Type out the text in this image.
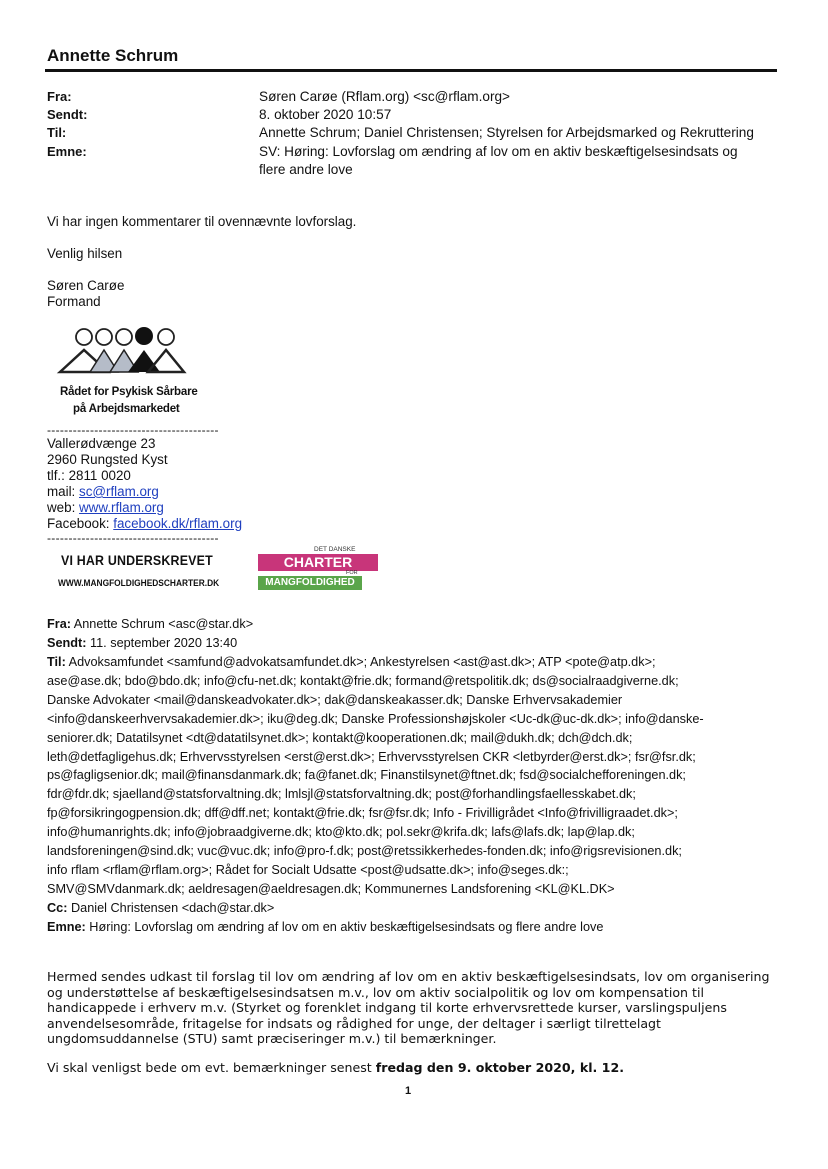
Annette Schrum
Fra:	Søren Carøe (Rflam.org) <sc@rflam.org>
Sendt:	8. oktober 2020 10:57
Til:	Annette Schrum; Daniel Christensen; Styrelsen for Arbejdsmarked og Rekruttering
Emne:	SV: Høring: Lovforslag om ændring af lov om en aktiv beskæftigelsesindsats og flere andre love
Vi har ingen kommentarer til ovennævnte lovforslag.
Venlig hilsen
Søren Carøe
Formand
Rådet for Psykisk Sårbare
på Arbejdsmarkedet
----------------------------------------
Vallerødvænge 23
2960 Rungsted Kyst
tlf.: 2811 0020
mail: sc@rflam.org
web: www.rflam.org
Facebook: facebook.dk/rflam.org
----------------------------------------
VI HAR UNDERSKREVET
WWW.MANGFOLDIGHEDSCHARTER.DK
DET DANSKE
CHARTER
FOR
MANGFOLDIGHED
Fra: Annette Schrum <asc@star.dk>
Sendt: 11. september 2020 13:40
Til: Advoksamfundet <samfund@advokatsamfundet.dk>; Ankestyrelsen <ast@ast.dk>; ATP <pote@atp.dk>;
ase@ase.dk; bdo@bdo.dk; info@cfu-net.dk; kontakt@frie.dk; formand@retspolitik.dk; ds@socialraadgiverne.dk;
Danske Advokater <mail@danskeadvokater.dk>; dak@danskeakasser.dk; Danske Erhvervsakademier
<info@danskeerhvervsakademier.dk>; iku@deg.dk; Danske Professionshøjskoler <Uc-dk@uc-dk.dk>; info@danske-
seniorer.dk; Datatilsynet <dt@datatilsynet.dk>; kontakt@kooperationen.dk; mail@dukh.dk; dch@dch.dk;
leth@detfagligehus.dk; Erhvervsstyrelsen <erst@erst.dk>; Erhvervsstyrelsen CKR <letbyrder@erst.dk>; fsr@fsr.dk;
ps@fagligsenior.dk; mail@finansdanmark.dk; fa@fanet.dk; Finanstilsynet@ftnet.dk; fsd@socialchefforeningen.dk;
fdr@fdr.dk; sjaelland@statsforvaltning.dk; lmlsjl@statsforvaltning.dk; post@forhandlingsfaellesskabet.dk;
fp@forsikringogpension.dk; dff@dff.net; kontakt@frie.dk; fsr@fsr.dk; Info - Frivilligrådet <Info@frivilligraadet.dk>;
info@humanrights.dk; info@jobraadgiverne.dk; kto@kto.dk; pol.sekr@krifa.dk; lafs@lafs.dk; lap@lap.dk;
landsforeningen@sind.dk; vuc@vuc.dk; info@pro-f.dk; post@retssikkerhedes-fonden.dk; info@rigsrevisionen.dk;
info rflam <rflam@rflam.org>; Rådet for Socialt Udsatte <post@udsatte.dk>; info@seges.dk:;
SMV@SMVdanmark.dk; aeldresagen@aeldresagen.dk; Kommunernes Landsforening <KL@KL.DK>
Cc: Daniel Christensen <dach@star.dk>
Emne: Høring: Lovforslag om ændring af lov om en aktiv beskæftigelsesindsats og flere andre love
Hermed sendes udkast til forslag til lov om ændring af lov om en aktiv beskæftigelsesindsats, lov om organisering
og understøttelse af beskæftigelsesindsatsen m.v., lov om aktiv socialpolitik og lov om kompensation til
handicappede i erhverv m.v. (Styrket og forenklet indgang til korte erhvervsrettede kurser, varslingspuljens
anvendelsesområde, fritagelse for indsats og rådighed for unge, der deltager i særligt tilrettelagt
ungdomsuddannelse (STU) samt præciseringer m.v.) til bemærkninger.
Vi skal venligst bede om evt. bemærkninger senest fredag den 9. oktober 2020, kl. 12.
1
